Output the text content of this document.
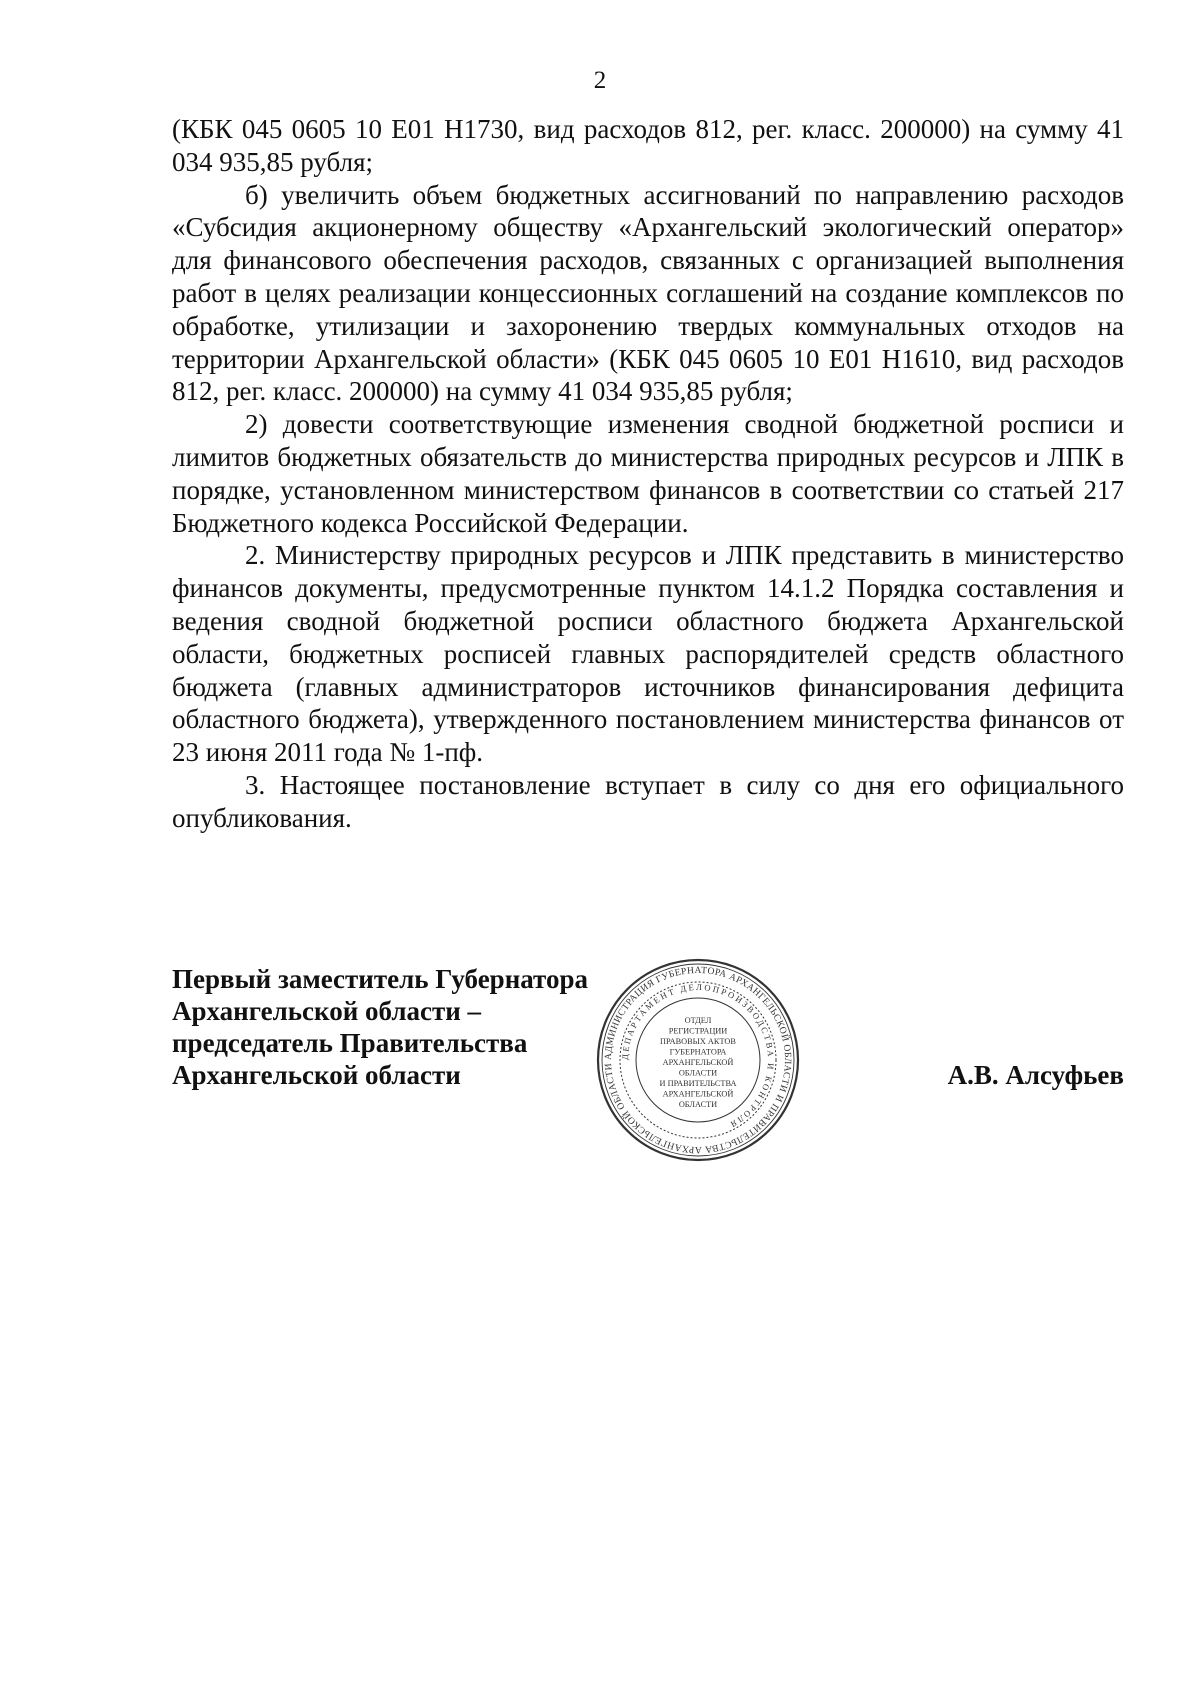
2

(КБК 045 0605 10 Е01 Н1730, вид расходов 812, рег. класс. 200000) на сумму 41 034 935,85 рубля;

б) увеличить объем бюджетных ассигнований по направлению расходов «Субсидия акционерному обществу «Архангельский экологический оператор» для финансового обеспечения расходов, связанных с организацией выполнения работ в целях реализации концессионных соглашений на создание комплексов по обработке, утилизации и захоронению твердых коммунальных отходов на территории Архангельской области» (КБК 045 0605 10 Е01 Н1610, вид расходов 812, рег. класс. 200000) на сумму 41 034 935,85 рубля;

2) довести соответствующие изменения сводной бюджетной росписи и лимитов бюджетных обязательств до министерства природных ресурсов и ЛПК в порядке, установленном министерством финансов в соответствии со статьей 217 Бюджетного кодекса Российской Федерации.

2. Министерству природных ресурсов и ЛПК представить в министерство финансов документы, предусмотренные пунктом 14.1.2 Порядка составления и ведения сводной бюджетной росписи областного бюджета Архангельской области, бюджетных росписей главных распорядителей средств областного бюджета (главных администраторов источников финансирования дефицита областного бюджета), утвержденного постановлением министерства финансов от 23 июня 2011 года № 1-пф.

3. Настоящее постановление вступает в силу со дня его официального опубликования.

Первый заместитель Губернатора
Архангельской области –
председатель Правительства
Архангельской области
АДМИНИСТРАЦИЯ ГУБЕРНАТОРА АРХАНГЕЛЬСКОЙ ОБЛАСТИ И ПРАВИТЕЛЬСТВА АРХАНГЕЛЬСКОЙ ОБЛАСТИ
ДЕПАРТАМЕНТ ДЕЛОПРОИЗВОДСТВА И КОНТРОЛЯ
ОТДЕЛ
РЕГИСТРАЦИИ
ПРАВОВЫХ АКТОВ
ГУБЕРНАТОРА
АРХАНГЕЛЬСКОЙ
ОБЛАСТИ
И ПРАВИТЕЛЬСТВА
АРХАНГЕЛЬСКОЙ
ОБЛАСТИ
А.В. Алсуфьев
